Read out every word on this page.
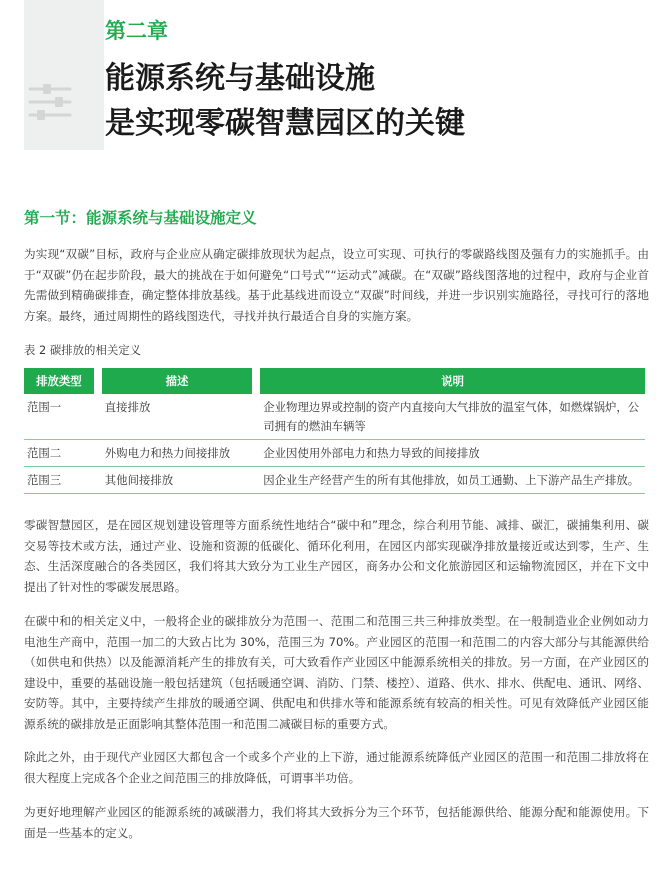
第二章
能源系统与基础设施
是实现零碳智慧园区的关键
第一节：能源系统与基础设施定义

为实现“双碳”目标，政府与企业应从确定碳排放现状为起点，设立可实现、可执行的零碳路线图及强有力的实施抓手。由于“双碳”仍在起步阶段，最大的挑战在于如何避免“口号式”“运动式”减碳。在“双碳”路线图落地的过程中，政府与企业首先需做到精确碳排查，确定整体排放基线。基于此基线进而设立“双碳”时间线，并进一步识别实施路径，寻找可行的落地方案。最终，通过周期性的路线图迭代，寻找并执行最适合自身的实施方案。

表 2 碳排放的相关定义

排放类型		描述		说明
范围一		直接排放		企业物理边界或控制的资产内直接向大气排放的温室气体，如燃煤锅炉，公司拥有的燃油车辆等
范围二		外购电力和热力间接排放		企业因使用外部电力和热力导致的间接排放
范围三		其他间接排放		因企业生产经营产生的所有其他排放，如员工通勤、上下游产品生产排放。

零碳智慧园区，是在园区规划建设管理等方面系统性地结合“碳中和”理念，综合利用节能、减排、碳汇，碳捕集利用、碳交易等技术或方法，通过产业、设施和资源的低碳化、循环化利用，在园区内部实现碳净排放量接近或达到零，生产、生态、生活深度融合的各类园区，我们将其大致分为工业生产园区，商务办公和文化旅游园区和运输物流园区，并在下文中提出了针对性的零碳发展思路。

在碳中和的相关定义中，一般将企业的碳排放分为范围一、范围二和范围三共三种排放类型。在一般制造业企业例如动力电池生产商中，范围一加二的大致占比为 30%，范围三为 70%。产业园区的范围一和范围二的内容大部分与其能源供给（如供电和供热）以及能源消耗产生的排放有关，可大致看作产业园区中能源系统相关的排放。另一方面，在产业园区的建设中，重要的基础设施一般包括建筑（包括暖通空调、消防、门禁、楼控）、道路、供水、排水、供配电、通讯、网络、安防等。其中，主要持续产生排放的暖通空调、供配电和供排水等和能源系统有较高的相关性。可见有效降低产业园区能源系统的碳排放是正面影响其整体范围一和范围二减碳目标的重要方式。

除此之外，由于现代产业园区大都包含一个或多个产业的上下游，通过能源系统降低产业园区的范围一和范围二排放将在很大程度上完成各个企业之间范围三的排放降低，可谓事半功倍。

为更好地理解产业园区的能源系统的减碳潜力，我们将其大致拆分为三个环节，包括能源供给、能源分配和能源使用。下面是一些基本的定义。
